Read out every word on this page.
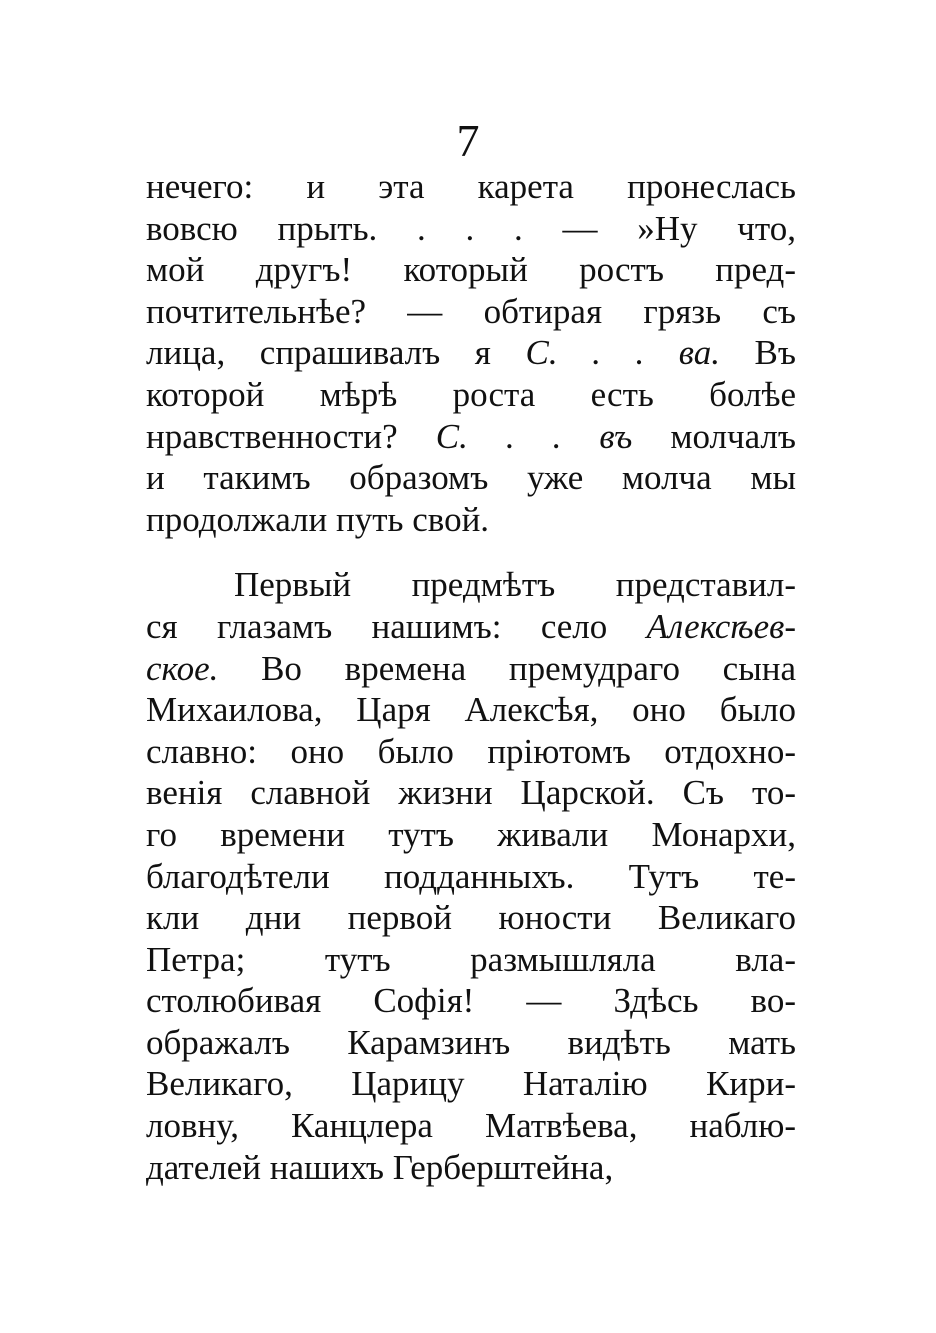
7
нечего: и эта карета пронеслась
вовсю прыть. . . . — »Ну что,
мой другъ! который ростъ пред-
почтительнѣе? — обтирая грязь съ
лица, спрашивалъ я С. . . ва. Въ
которой мѣрѣ роста есть болѣе
нравственности? С. . . въ молчалъ
и такимъ образомъ уже молча мы
продолжали путь свой.
Первый предмѣтъ представил-
ся глазамъ нашимъ: село Алексѣев-
ское. Во времена премудраго сына
Михаилова, Царя Алексѣя, оно было
славно: оно было пріютомъ отдохно-
венія славной жизни Царской. Съ то-
го времени тутъ живали Монархи,
благодѣтели подданныхъ. Тутъ те-
кли дни первой юности Великаго
Петра; тутъ размышляла вла-
столюбивая Софія! — Здѣсь во-
ображалъ Карамзинъ видѣть мать
Великаго, Царицу Наталію Кири-
ловну, Канцлера Матвѣева, наблю-
дателей нашихъ Герберштейна,
